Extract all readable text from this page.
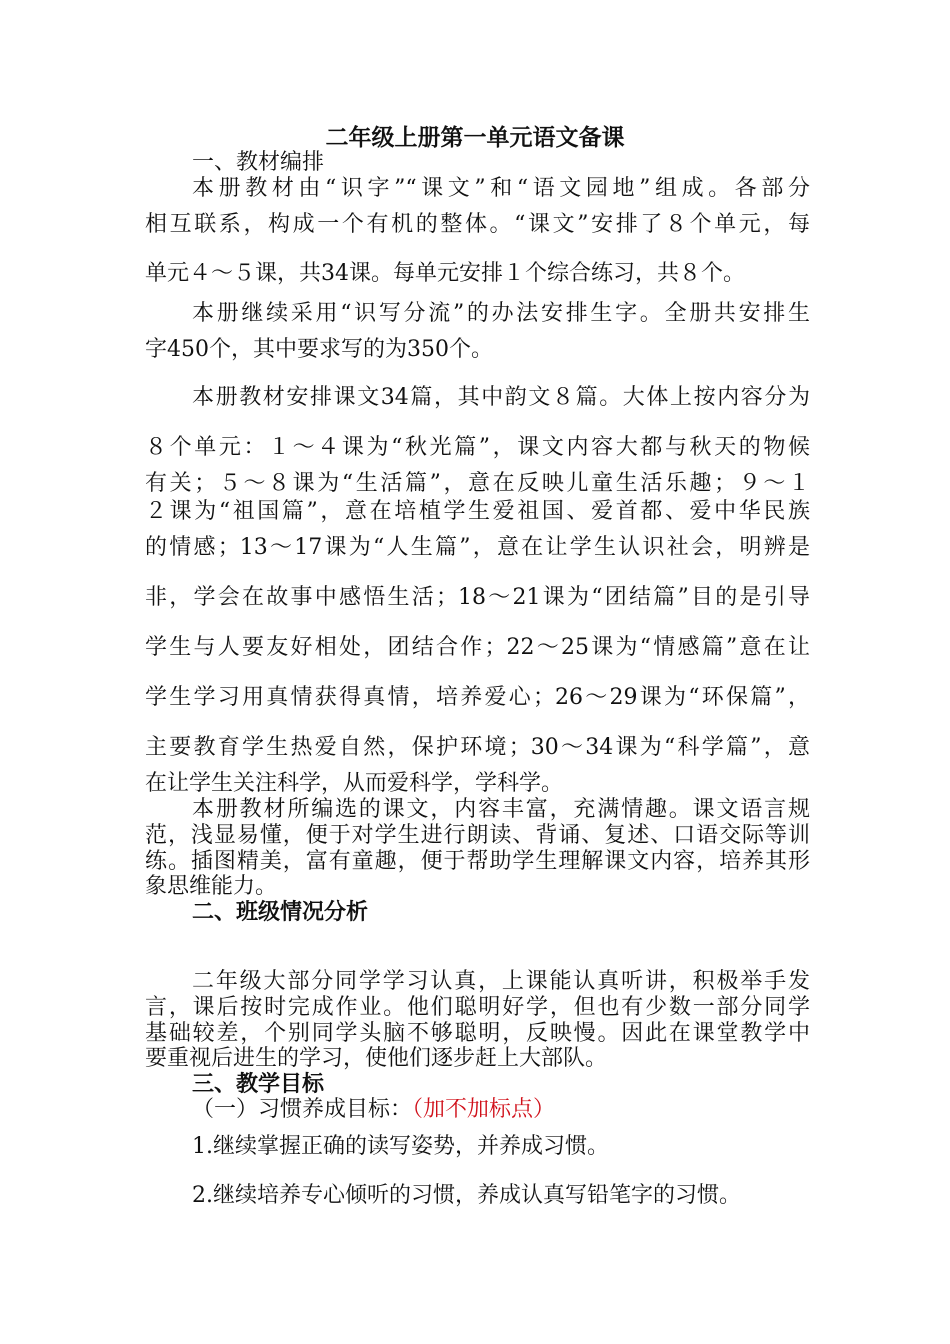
二年级上册第一单元语文备课
一、教材编排
本册教材由“识字”“课文”和“语文园地”组成。各部分
相互联系，构成一个有机的整体。“课文”安排了８个单元，每
单元４～５课，共34课。每单元安排１个综合练习，共８个。
本册继续采用“识写分流”的办法安排生字。全册共安排生
字450个，其中要求写的为350个。
本册教材安排课文34篇，其中韵文８篇。大体上按内容分为
８个单元：１～４课为“秋光篇”，课文内容大都与秋天的物候
有关；５～８课为“生活篇”，意在反映儿童生活乐趣；９～１
２课为“祖国篇”，意在培植学生爱祖国、爱首都、爱中华民族
的情感；13～17课为“人生篇”，意在让学生认识社会，明辨是
非，学会在故事中感悟生活；18～21课为“团结篇”目的是引导
学生与人要友好相处，团结合作；22～25课为“情感篇”意在让
学生学习用真情获得真情，培养爱心；26～29课为“环保篇”，
主要教育学生热爱自然，保护环境；30～34课为“科学篇”，意
在让学生关注科学，从而爱科学，学科学。
本册教材所编选的课文，内容丰富，充满情趣。课文语言规
范，浅显易懂，便于对学生进行朗读、背诵、复述、口语交际等训
练。插图精美，富有童趣，便于帮助学生理解课文内容，培养其形
象思维能力。
二、班级情况分析
二年级大部分同学学习认真，上课能认真听讲，积极举手发
言，课后按时完成作业。他们聪明好学，但也有少数一部分同学
基础较差，个别同学头脑不够聪明，反映慢。因此在课堂教学中
要重视后进生的学习，使他们逐步赶上大部队。
三、教学目标
（一）习惯养成目标：（加不加标点）
1.继续掌握正确的读写姿势，并养成习惯。
2.继续培养专心倾听的习惯，养成认真写铅笔字的习惯。
